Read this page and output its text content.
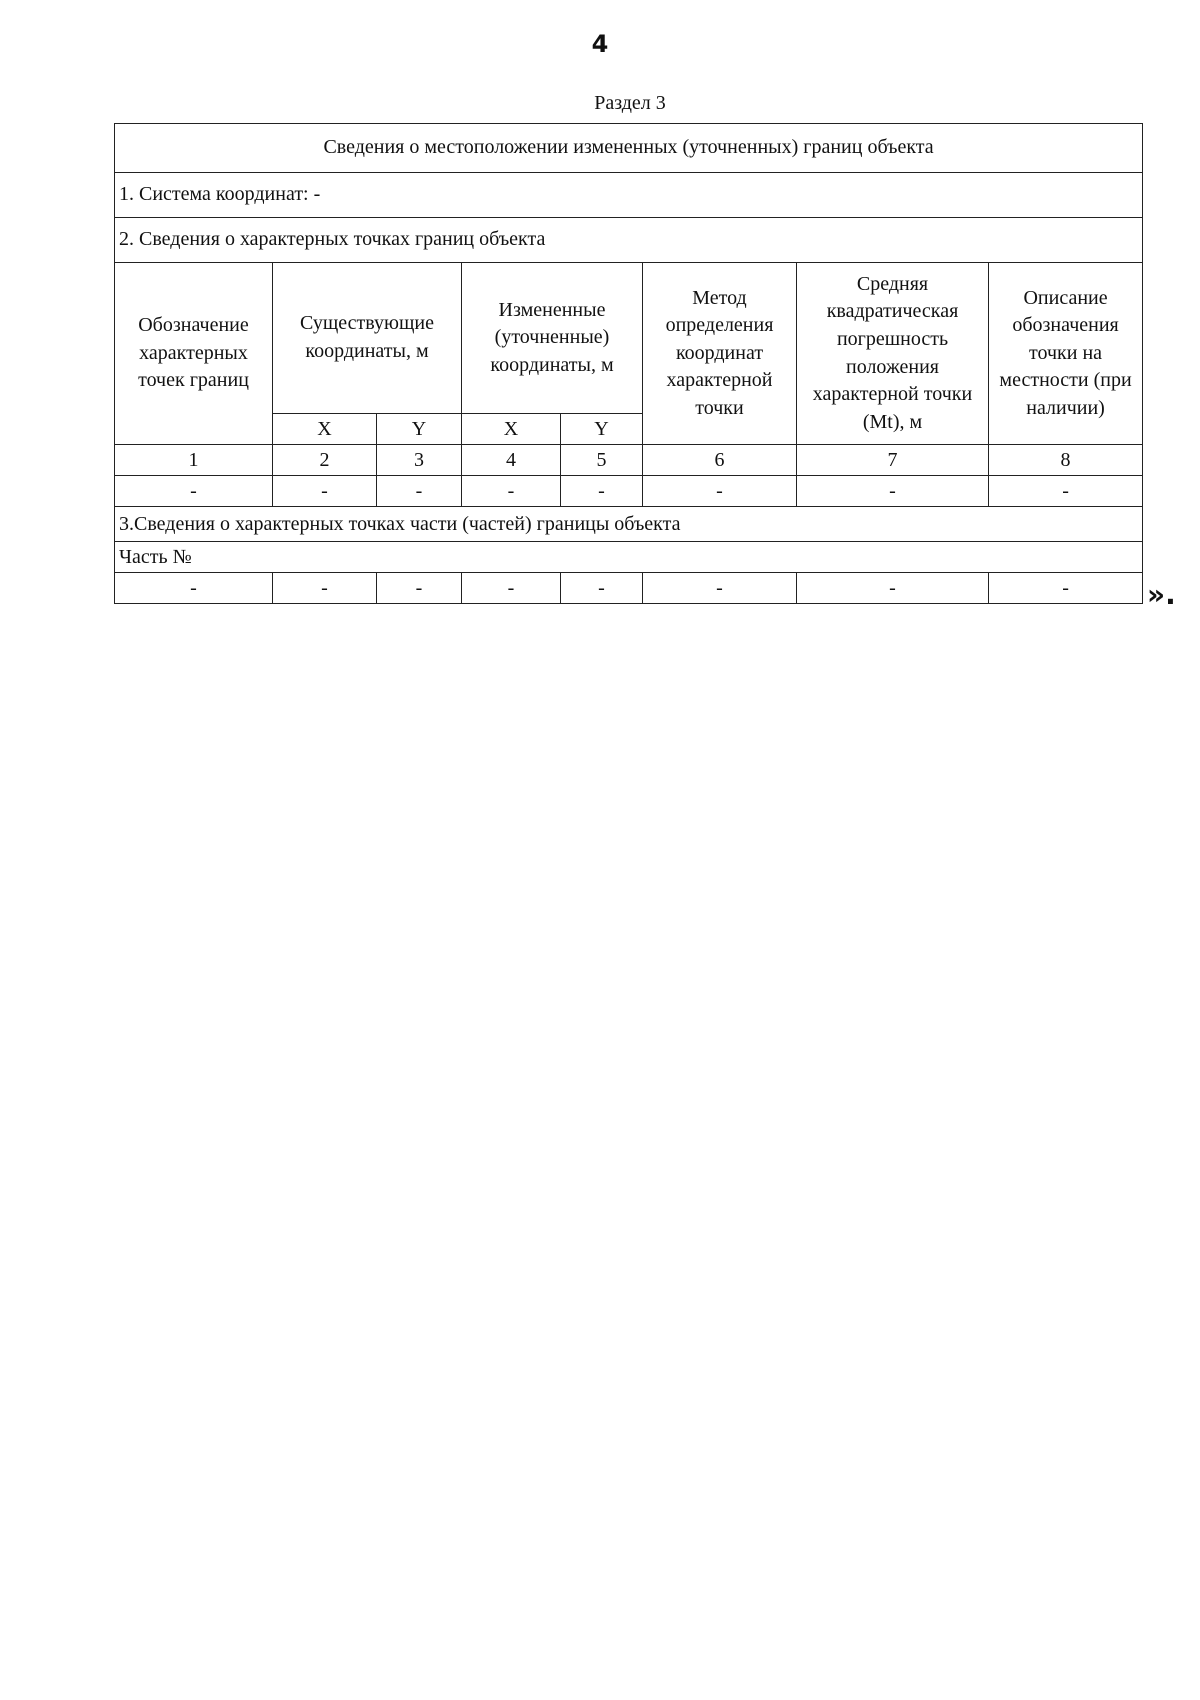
4
Раздел 3
Сведения о местоположении измененных (уточненных) границ объекта							
1. Система координат: -							
2. Сведения о характерных точках границ объекта							
Обозначение характерных точек границ	Существующие координаты, м		Измененные (уточненные) координаты, м		Метод определения координат характерной точки	Средняя квадратическая погрешность положения характерной точки (Mt), м	Описание обозначения точки на местности (при наличии)
	X	Y	X	Y			
1	2	3	4	5	6	7	8
-	-	-	-	-	-	-	-
3.Сведения о характерных точках части (частей) границы объекта							
Часть №							
-	-	-	-	-	-	-	-	».
